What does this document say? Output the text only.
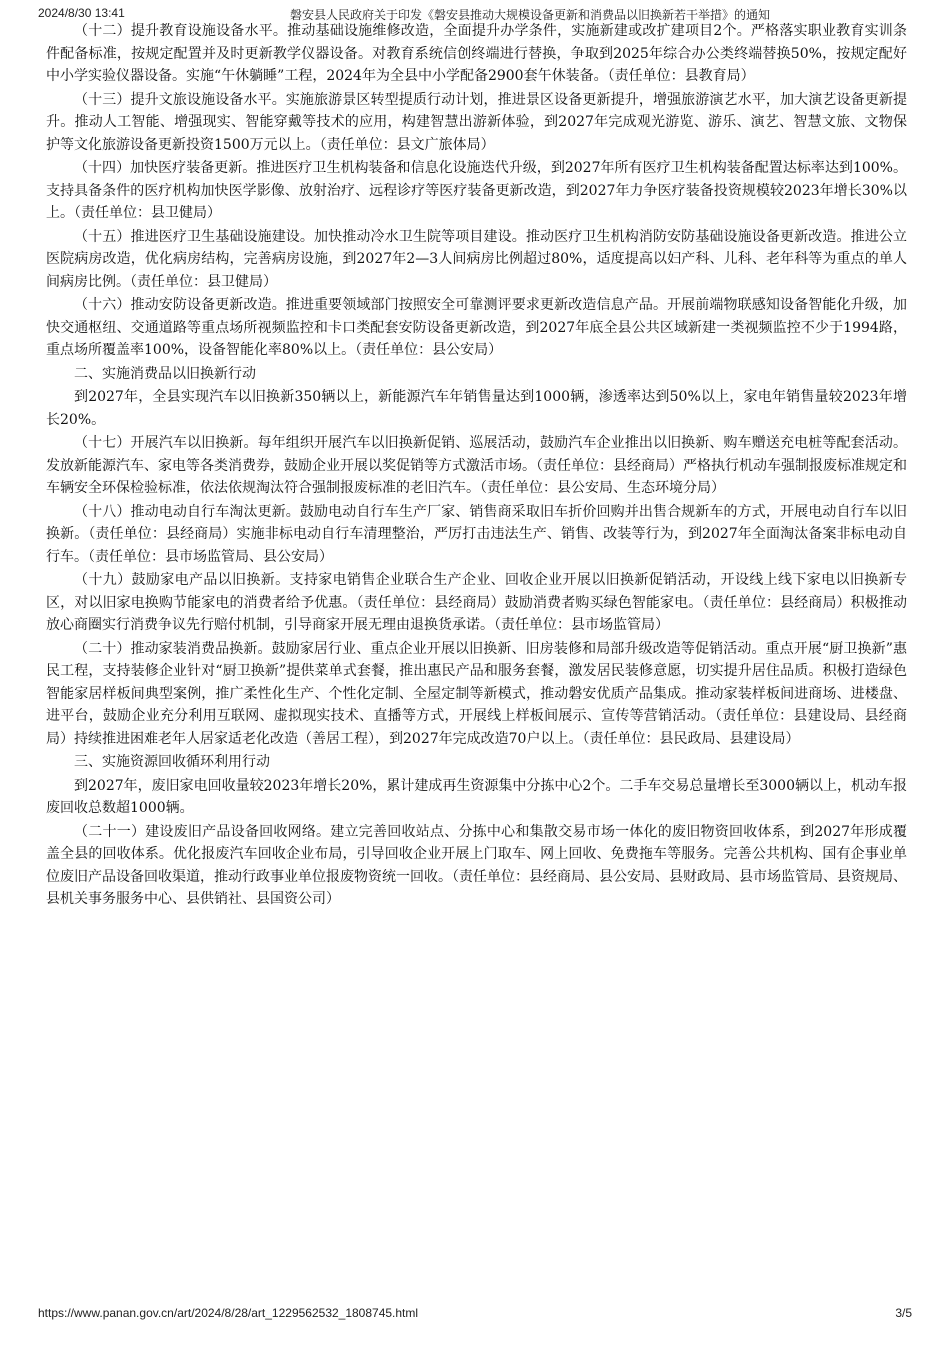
2024/8/30 13:41	磐安县人民政府关于印发《磐安县推动大规模设备更新和消费品以旧换新若干举措》的通知

（十二）提升教育设施设备水平。推动基础设施维修改造，全面提升办学条件，实施新建或改扩建项目2个。严格落实职业教育实训条件配备标准，按规定配置并及时更新教学仪器设备。对教育系统信创终端进行替换，争取到2025年综合办公类终端替换50%，按规定配好中小学实验仪器设备。实施“午休躺睡”工程，2024年为全县中小学配备2900套午休装备。（责任单位：县教育局）

（十三）提升文旅设施设备水平。实施旅游景区转型提质行动计划，推进景区设备更新提升，增强旅游演艺水平，加大演艺设备更新提升。推动人工智能、增强现实、智能穿戴等技术的应用，构建智慧出游新体验，到2027年完成观光游览、游乐、演艺、智慧文旅、文物保护等文化旅游设备更新投资1500万元以上。（责任单位：县文广旅体局）

（十四）加快医疗装备更新。推进医疗卫生机构装备和信息化设施迭代升级，到2027年所有医疗卫生机构装备配置达标率达到100%。支持具备条件的医疗机构加快医学影像、放射治疗、远程诊疗等医疗装备更新改造，到2027年力争医疗装备投资规模较2023年增长30%以上。（责任单位：县卫健局）

（十五）推进医疗卫生基础设施建设。加快推动冷水卫生院等项目建设。推动医疗卫生机构消防安防基础设施设备更新改造。推进公立医院病房改造，优化病房结构，完善病房设施，到2027年2—3人间病房比例超过80%，适度提高以妇产科、儿科、老年科等为重点的单人间病房比例。（责任单位：县卫健局）

（十六）推动安防设备更新改造。推进重要领域部门按照安全可靠测评要求更新改造信息产品。开展前端物联感知设备智能化升级，加快交通枢纽、交通道路等重点场所视频监控和卡口类配套安防设备更新改造，到2027年底全县公共区域新建一类视频监控不少于1994路，重点场所覆盖率100%，设备智能化率80%以上。（责任单位：县公安局）

二、实施消费品以旧换新行动

到2027年，全县实现汽车以旧换新350辆以上，新能源汽车年销售量达到1000辆，渗透率达到50%以上，家电年销售量较2023年增长20%。

（十七）开展汽车以旧换新。每年组织开展汽车以旧换新促销、巡展活动，鼓励汽车企业推出以旧换新、购车赠送充电桩等配套活动。发放新能源汽车、家电等各类消费券，鼓励企业开展以奖促销等方式激活市场。（责任单位：县经商局）严格执行机动车强制报废标准规定和车辆安全环保检验标准，依法依规淘汰符合强制报废标准的老旧汽车。（责任单位：县公安局、生态环境分局）

（十八）推动电动自行车淘汰更新。鼓励电动自行车生产厂家、销售商采取旧车折价回购并出售合规新车的方式，开展电动自行车以旧换新。（责任单位：县经商局）实施非标电动自行车清理整治，严厉打击违法生产、销售、改装等行为，到2027年全面淘汰备案非标电动自行车。（责任单位：县市场监管局、县公安局）

（十九）鼓励家电产品以旧换新。支持家电销售企业联合生产企业、回收企业开展以旧换新促销活动，开设线上线下家电以旧换新专区，对以旧家电换购节能家电的消费者给予优惠。（责任单位：县经商局）鼓励消费者购买绿色智能家电。（责任单位：县经商局）积极推动放心商圈实行消费争议先行赔付机制，引导商家开展无理由退换货承诺。（责任单位：县市场监管局）

（二十）推动家装消费品换新。鼓励家居行业、重点企业开展以旧换新、旧房装修和局部升级改造等促销活动。重点开展“厨卫换新”惠民工程，支持装修企业针对“厨卫换新”提供菜单式套餐，推出惠民产品和服务套餐，激发居民装修意愿，切实提升居住品质。积极打造绿色智能家居样板间典型案例，推广柔性化生产、个性化定制、全屋定制等新模式，推动磐安优质产品集成。推动家装样板间进商场、进楼盘、进平台，鼓励企业充分利用互联网、虚拟现实技术、直播等方式，开展线上样板间展示、宣传等营销活动。（责任单位：县建设局、县经商局）持续推进困难老年人居家适老化改造（善居工程），到2027年完成改造70户以上。（责任单位：县民政局、县建设局）

三、实施资源回收循环利用行动

到2027年，废旧家电回收量较2023年增长20%，累计建成再生资源集中分拣中心2个。二手车交易总量增长至3000辆以上，机动车报废回收总数超1000辆。

（二十一）建设废旧产品设备回收网络。建立完善回收站点、分拣中心和集散交易市场一体化的废旧物资回收体系，到2027年形成覆盖全县的回收体系。优化报废汽车回收企业布局，引导回收企业开展上门取车、网上回收、免费拖车等服务。完善公共机构、国有企事业单位废旧产品设备回收渠道，推动行政事业单位报废物资统一回收。（责任单位：县经商局、县公安局、县财政局、县市场监管局、县资规局、县机关事务服务中心、县供销社、县国资公司）

https://www.panan.gov.cn/art/2024/8/28/art_1229562532_1808745.html	3/5
